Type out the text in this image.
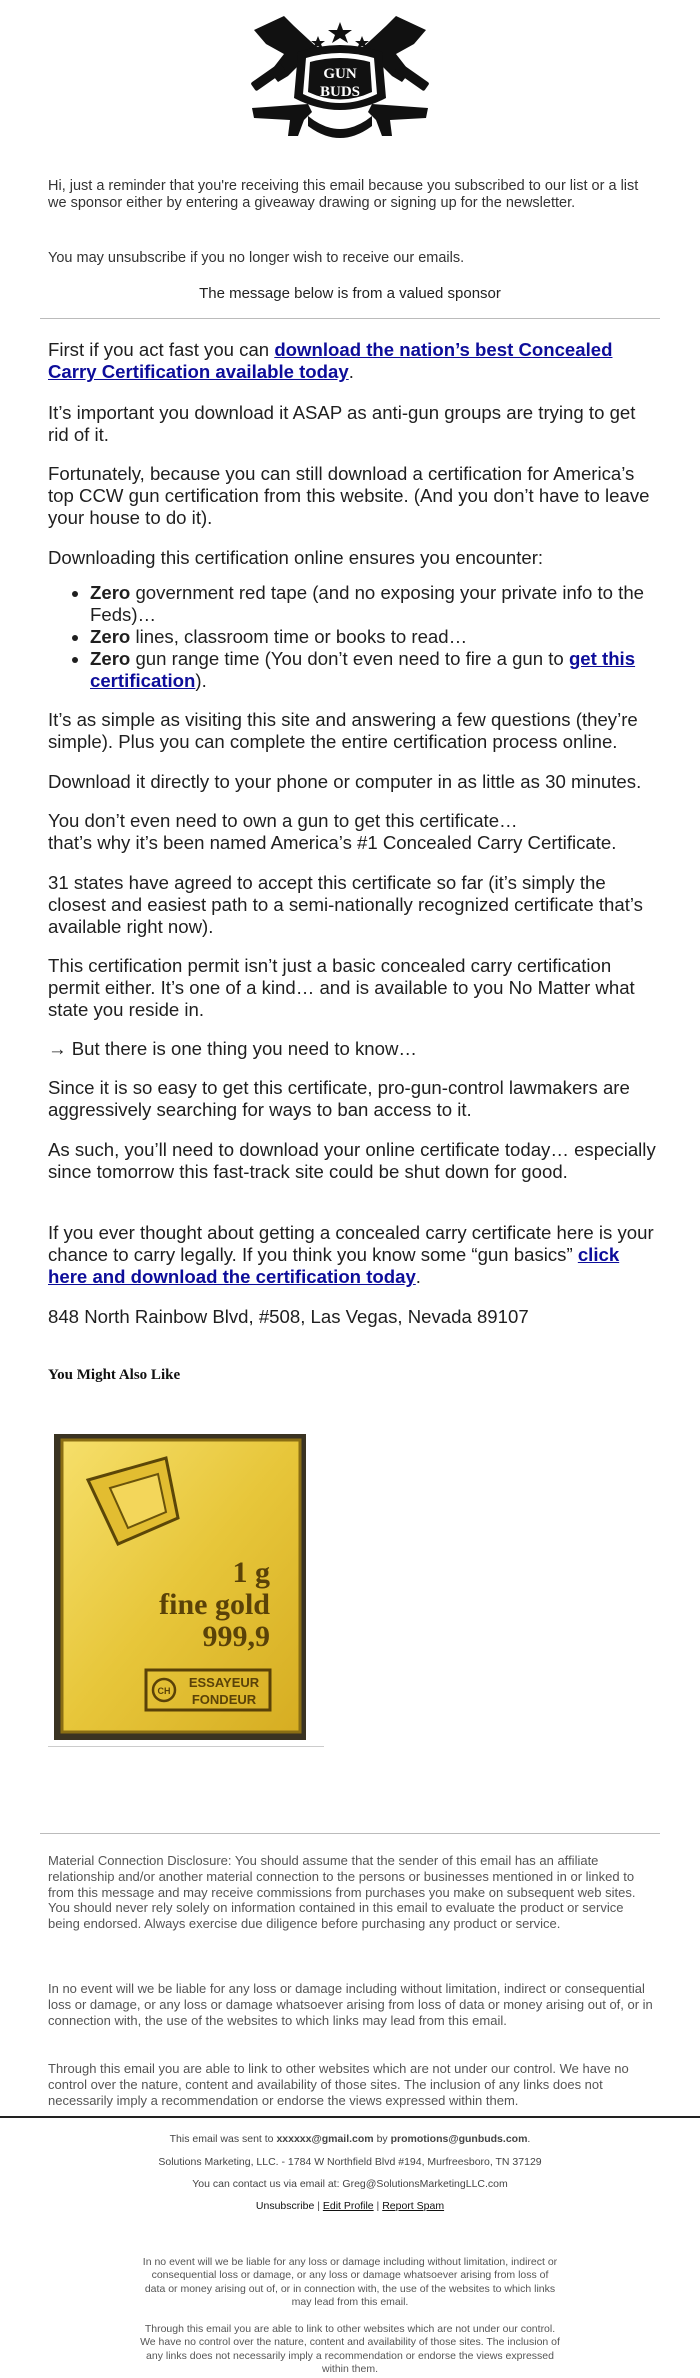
GUN
BUDS
Hi, just a reminder that you're receiving this email because you subscribed to our list or a list we sponsor either by entering a giveaway drawing or signing up for the newsletter.
You may unsubscribe if you no longer wish to receive our emails.
The message below is from a valued sponsor
First if you act fast you can download the nation’s best Concealed Carry Certification available today.
It’s important you download it ASAP as anti-gun groups are trying to get rid of it.
Fortunately, because you can still download a certification for America’s top CCW gun certification from this website. (And you don’t have to leave your house to do it).
Downloading this certification online ensures you encounter:
• Zero government red tape (and no exposing your private info to the Feds)…
• Zero lines, classroom time or books to read…
• Zero gun range time (You don’t even need to fire a gun to get this certification).
It’s as simple as visiting this site and answering a few questions (they’re simple). Plus you can complete the entire certification process online.
Download it directly to your phone or computer in as little as 30 minutes.
You don’t even need to own a gun to get this certificate…
that’s why it’s been named America’s #1 Concealed Carry Certificate.
31 states have agreed to accept this certificate so far (it’s simply the closest and easiest path to a semi-nationally recognized certificate that’s available right now).
This certification permit isn’t just a basic concealed carry certification permit either. It’s one of a kind… and is available to you No Matter what state you reside in.
→ But there is one thing you need to know…
Since it is so easy to get this certificate, pro-gun-control lawmakers are aggressively searching for ways to ban access to it.
As such, you’ll need to download your online certificate today… especially since tomorrow this fast-track site could be shut down for good.
If you ever thought about getting a concealed carry certificate here is your chance to carry legally. If you think you know some “gun basics” click here and download the certification today.
848 North Rainbow Blvd, #508, Las Vegas, Nevada 89107
You Might Also Like
1 g
fine gold
999,9
CH
ESSAYEUR
FONDEUR
Material Connection Disclosure: You should assume that the sender of this email has an affiliate relationship and/or another material connection to the persons or businesses mentioned in or linked to from this message and may receive commissions from purchases you make on subsequent web sites. You should never rely solely on information contained in this email to evaluate the product or service being endorsed. Always exercise due diligence before purchasing any product or service.
In no event will we be liable for any loss or damage including without limitation, indirect or consequential loss or damage, or any loss or damage whatsoever arising from loss of data or money arising out of, or in connection with, the use of the websites to which links may lead from this email.
Through this email you are able to link to other websites which are not under our control. We have no control over the nature, content and availability of those sites. The inclusion of any links does not necessarily imply a recommendation or endorse the views expressed within them.
This email was sent to xxxxxx@gmail.com by promotions@gunbuds.com.
Solutions Marketing, LLC. - 1784 W Northfield Blvd #194, Murfreesboro, TN 37129
You can contact us via email at: Greg@SolutionsMarketingLLC.com
Unsubscribe | Edit Profile | Report Spam
In no event will we be liable for any loss or damage including without limitation, indirect or consequential loss or damage, or any loss or damage whatsoever arising from loss of data or money arising out of, or in connection with, the use of the websites to which links may lead from this email.
Through this email you are able to link to other websites which are not under our control. We have no control over the nature, content and availability of those sites. The inclusion of any links does not necessarily imply a recommendation or endorse the views expressed within them.
